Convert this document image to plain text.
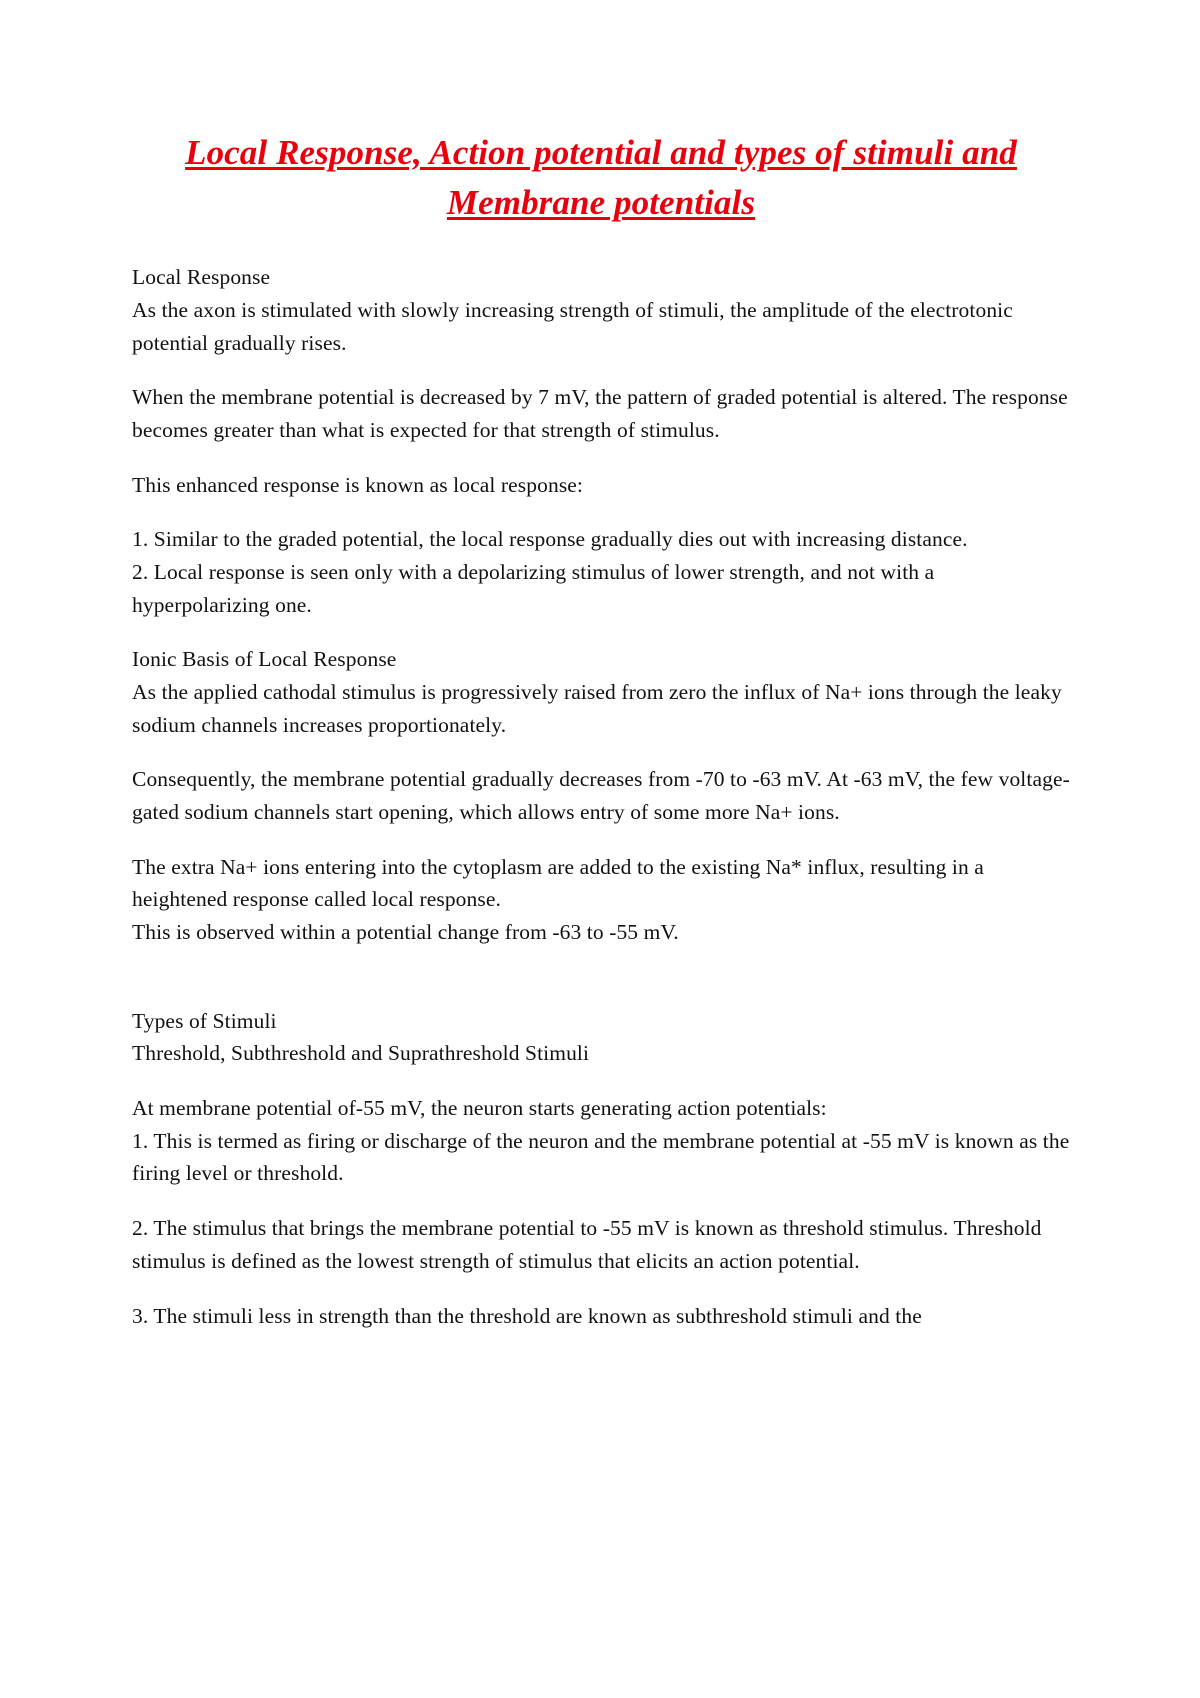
Local Response, Action potential and types of stimuli and Membrane potentials

Local Response
As the axon is stimulated with slowly increasing strength of stimuli, the amplitude of the electrotonic potential gradually rises.

When the membrane potential is decreased by 7 mV, the pattern of graded potential is altered. The response becomes greater than what is expected for that strength of stimulus.

This enhanced response is known as local response:

1. Similar to the graded potential, the local response gradually dies out with increasing distance.
2. Local response is seen only with a depolarizing stimulus of lower strength, and not with a hyperpolarizing one.

Ionic Basis of Local Response
As the applied cathodal stimulus is progressively raised from zero the influx of Na+ ions through the leaky sodium channels increases proportionately.

Consequently, the membrane potential gradually decreases from -70 to -63 mV. At -63 mV, the few voltage-gated sodium channels start opening, which allows entry of some more Na+ ions.

The extra Na+ ions entering into the cytoplasm are added to the existing Na* influx, resulting in a heightened response called local response.
This is observed within a potential change from -63 to -55 mV.

Types of Stimuli
Threshold, Subthreshold and Suprathreshold Stimuli

At membrane potential of-55 mV, the neuron starts generating action potentials:
1. This is termed as firing or discharge of the neuron and the membrane potential at -55 mV is known as the firing level or threshold.

2. The stimulus that brings the membrane potential to -55 mV is known as threshold stimulus. Threshold stimulus is defined as the lowest strength of stimulus that elicits an action potential.

3. The stimuli less in strength than the threshold are known as subthreshold stimuli and the
